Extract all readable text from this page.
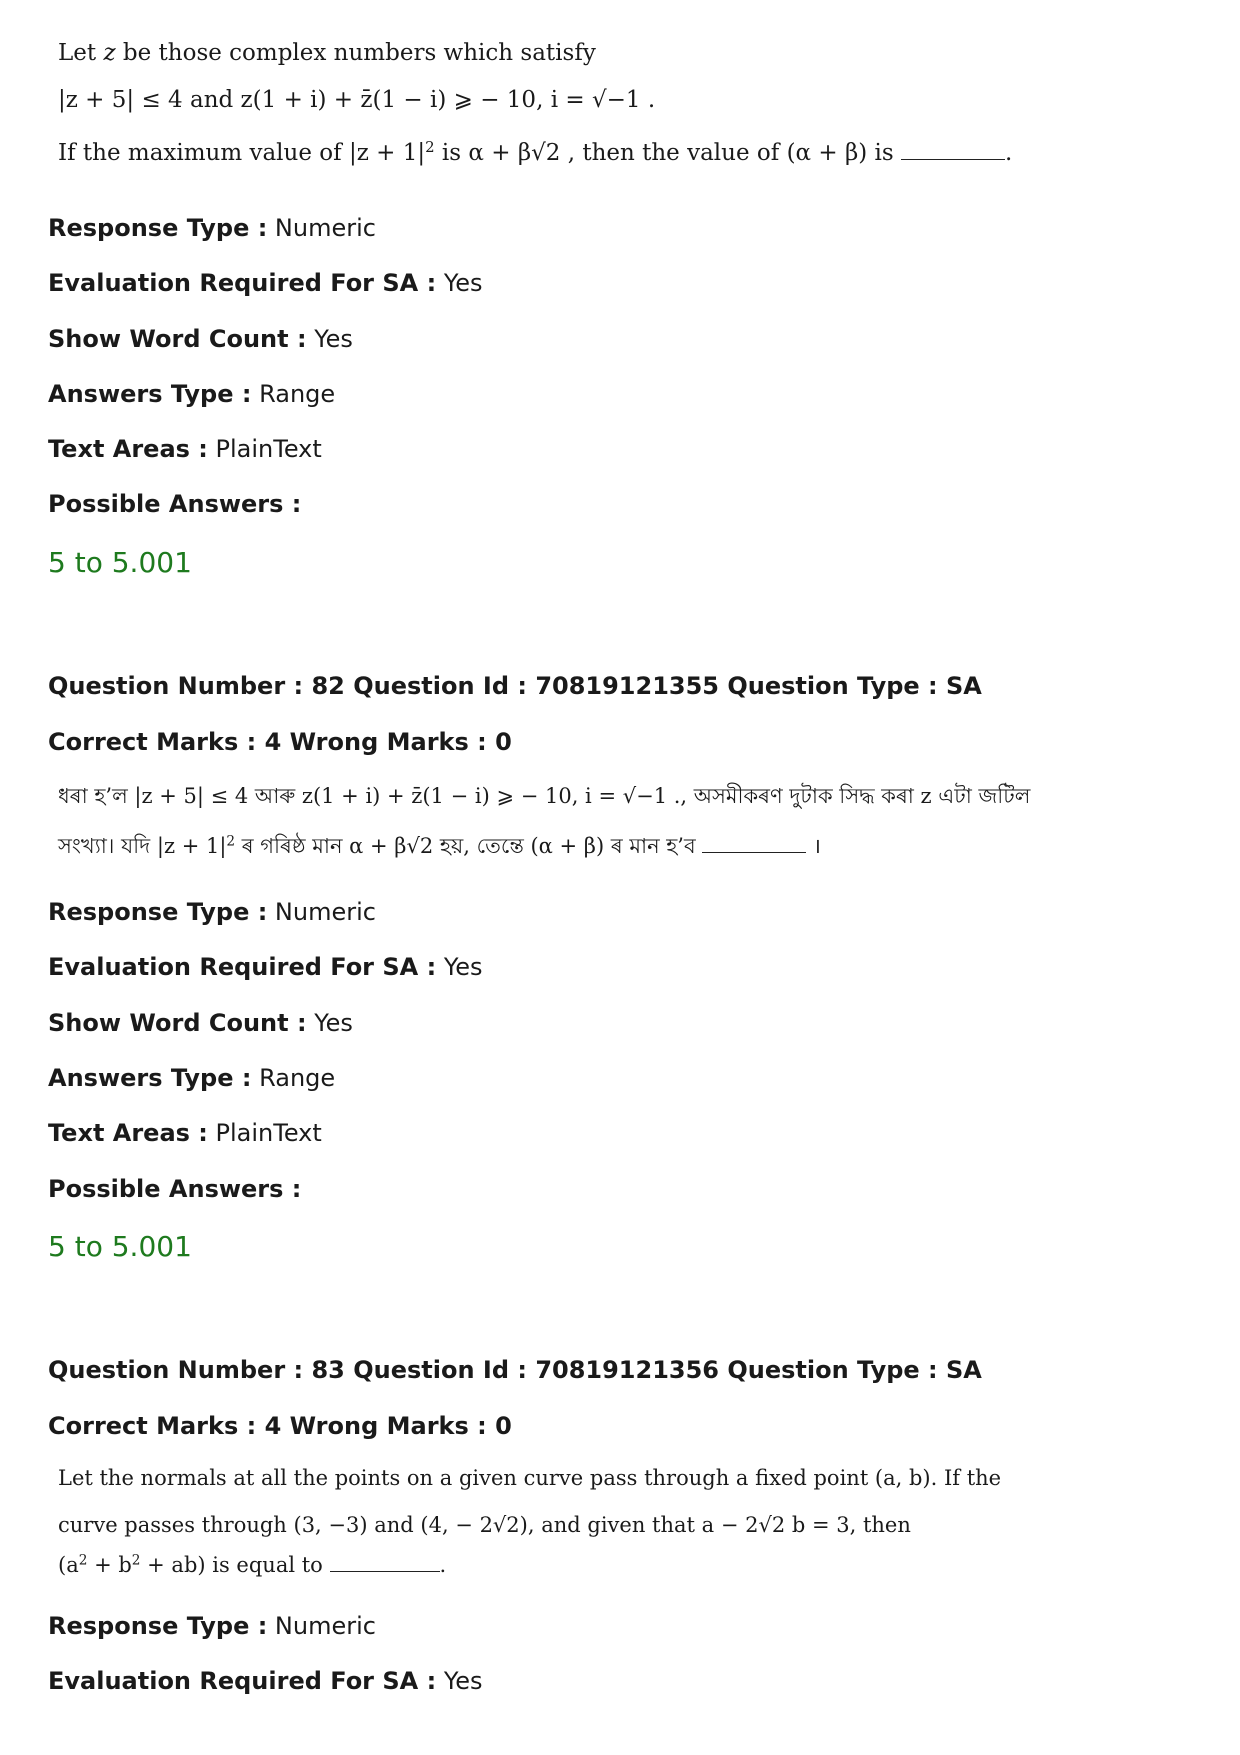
Let z be those complex numbers which satisfy
|z + 5| ≤ 4 and z(1 + i) + z̄(1 − i) ⩾ − 10, i = √−1 .
If the maximum value of $|z + 1|^2$ is α + β√2 , then the value of (α + β) is	.
Response Type : Numeric
Evaluation Required For SA : Yes
Show Word Count : Yes
Answers Type : Range
Text Areas : PlainText
Possible Answers :
5 to 5.001
Question Number : 82 Question Id : 70819121355 Question Type : SA
Correct Marks : 4 Wrong Marks : 0
ধৰা হ’ল |z + 5| ≤ 4 আৰু z(1 + i) + z̄(1 − i) ⩾ − 10, i = √−1 ., অসমীকৰণ দুটাক সিদ্ধ কৰা z এটা জটিল
সংখ্যা। যদি $|z + 1|^2$ ৰ গৰিষ্ঠ মান α + β√2 হয়, তেন্তে (α + β) ৰ মান হ’ব	।
Response Type : Numeric
Evaluation Required For SA : Yes
Show Word Count : Yes
Answers Type : Range
Text Areas : PlainText
Possible Answers :
5 to 5.001
Question Number : 83 Question Id : 70819121356 Question Type : SA
Correct Marks : 4 Wrong Marks : 0
Let the normals at all the points on a given curve pass through a fixed point (a, b). If the
curve passes through (3, −3) and (4, − 2√2), and given that a − 2√2 b = 3, then
$(a^2 + b^2 + ab)$ is equal to	.
Response Type : Numeric
Evaluation Required For SA : Yes
